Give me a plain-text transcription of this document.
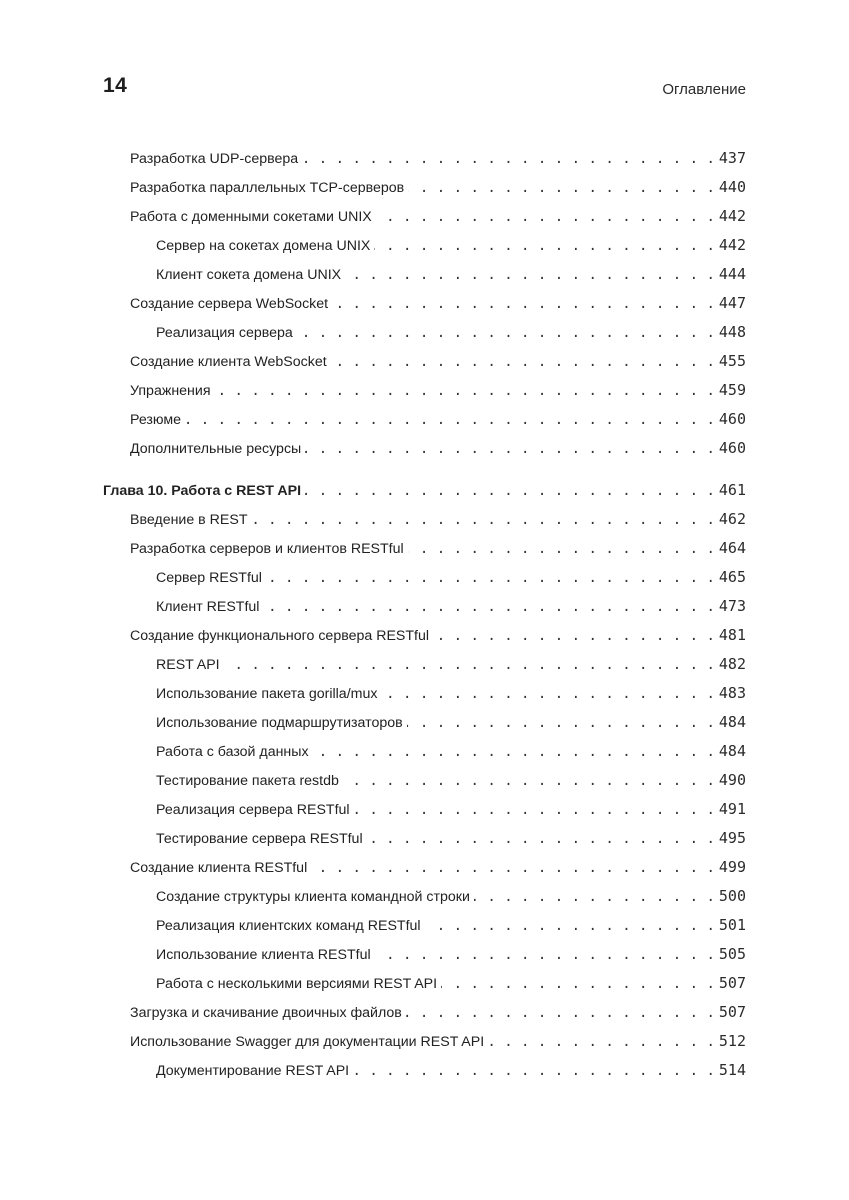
14	Оглавление
Разработка UDP-сервера . . .	437
Разработка параллельных TCP-серверов . . .	440
Работа с доменными сокетами UNIX . . .	442
Сервер на сокетах домена UNIX . . .	442
Клиент сокета домена UNIX . . .	444
Создание сервера WebSocket . . .	447
Реализация сервера . . .	448
Создание клиента WebSocket . . .	455
Упражнения . . .	459
Резюме . . .	460
Дополнительные ресурсы . . .	460
Глава 10. Работа с REST API . . .	461
Введение в REST . . .	462
Разработка серверов и клиентов RESTful . . .	464
Сервер RESTful . . .	465
Клиент RESTful . . .	473
Создание функционального сервера RESTful . . .	481
REST API . . .	482
Использование пакета gorilla/mux . . .	483
Использование подмаршрутизаторов . . .	484
Работа с базой данных . . .	484
Тестирование пакета restdb . . .	490
Реализация сервера RESTful . . .	491
Тестирование сервера RESTful . . .	495
Создание клиента RESTful . . .	499
Создание структуры клиента командной строки . . .	500
Реализация клиентских команд RESTful . . .	501
Использование клиента RESTful . . .	505
Работа с несколькими версиями REST API . . .	507
Загрузка и скачивание двоичных файлов . . .	507
Использование Swagger для документации REST API . . .	512
Документирование REST API . . .	514
